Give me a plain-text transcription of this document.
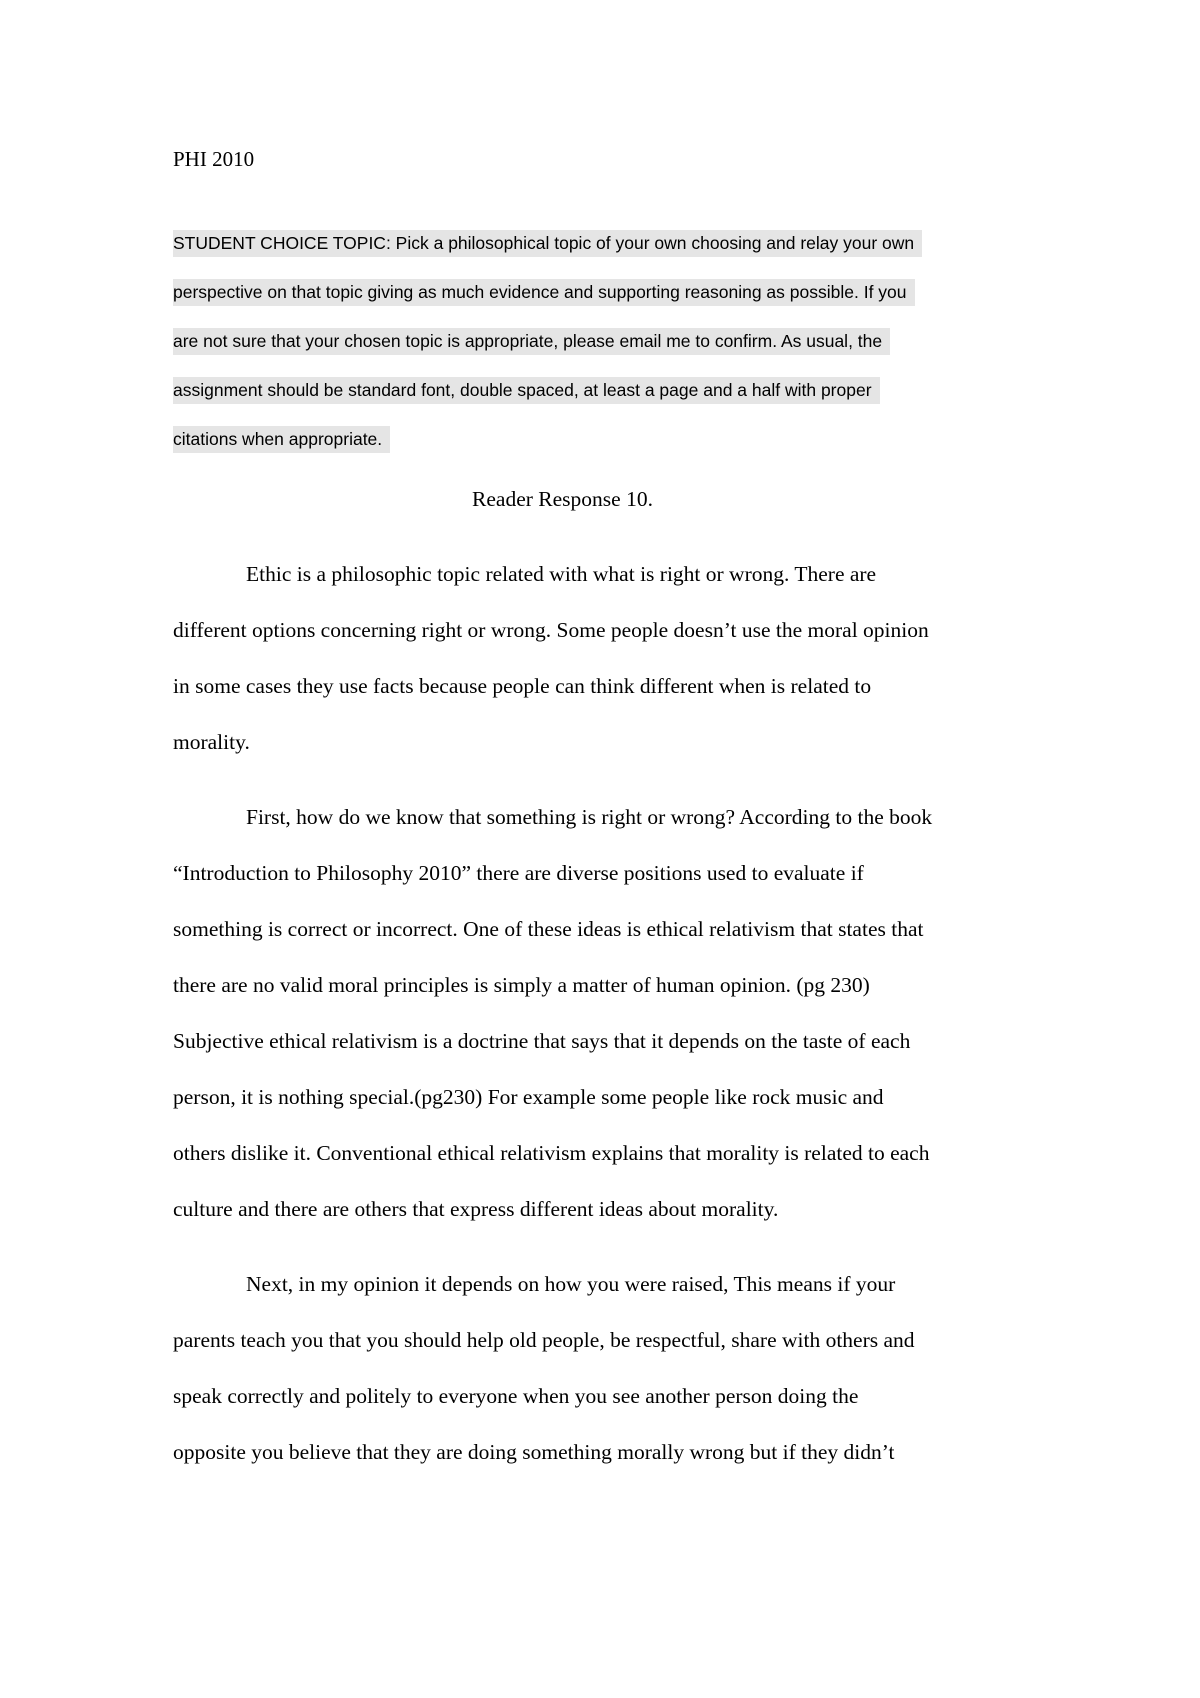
PHI 2010
STUDENT CHOICE TOPIC: Pick a philosophical topic of your own choosing and relay your own
perspective on that topic giving as much evidence and supporting reasoning as possible. If you
are not sure that your chosen topic is appropriate, please email me to confirm. As usual, the
assignment should be standard font, double spaced, at least a page and a half with proper
citations when appropriate.
Reader Response 10.
Ethic is a philosophic topic related with what is right or wrong. There are
different options concerning right or wrong. Some people doesn’t use the moral opinion
in some cases they use facts because people can think different when is related to
morality.
First, how do we know that something is right or wrong? According to the book
“Introduction to Philosophy 2010” there are diverse positions used to evaluate if
something is correct or incorrect. One of these ideas is ethical relativism that states that
there are no valid moral principles is simply a matter of human opinion. (pg 230)
Subjective ethical relativism is a doctrine that says that it depends on the taste of each
person, it is nothing special.(pg230) For example some people like rock music and
others dislike it. Conventional ethical relativism explains that morality is related to each
culture and there are others that express different ideas about morality.
Next, in my opinion it depends on how you were raised, This means if your
parents teach you that you should help old people, be respectful, share with others and
speak correctly and politely to everyone when you see another person doing the
opposite you believe that they are doing something morally wrong but if they didn’t
